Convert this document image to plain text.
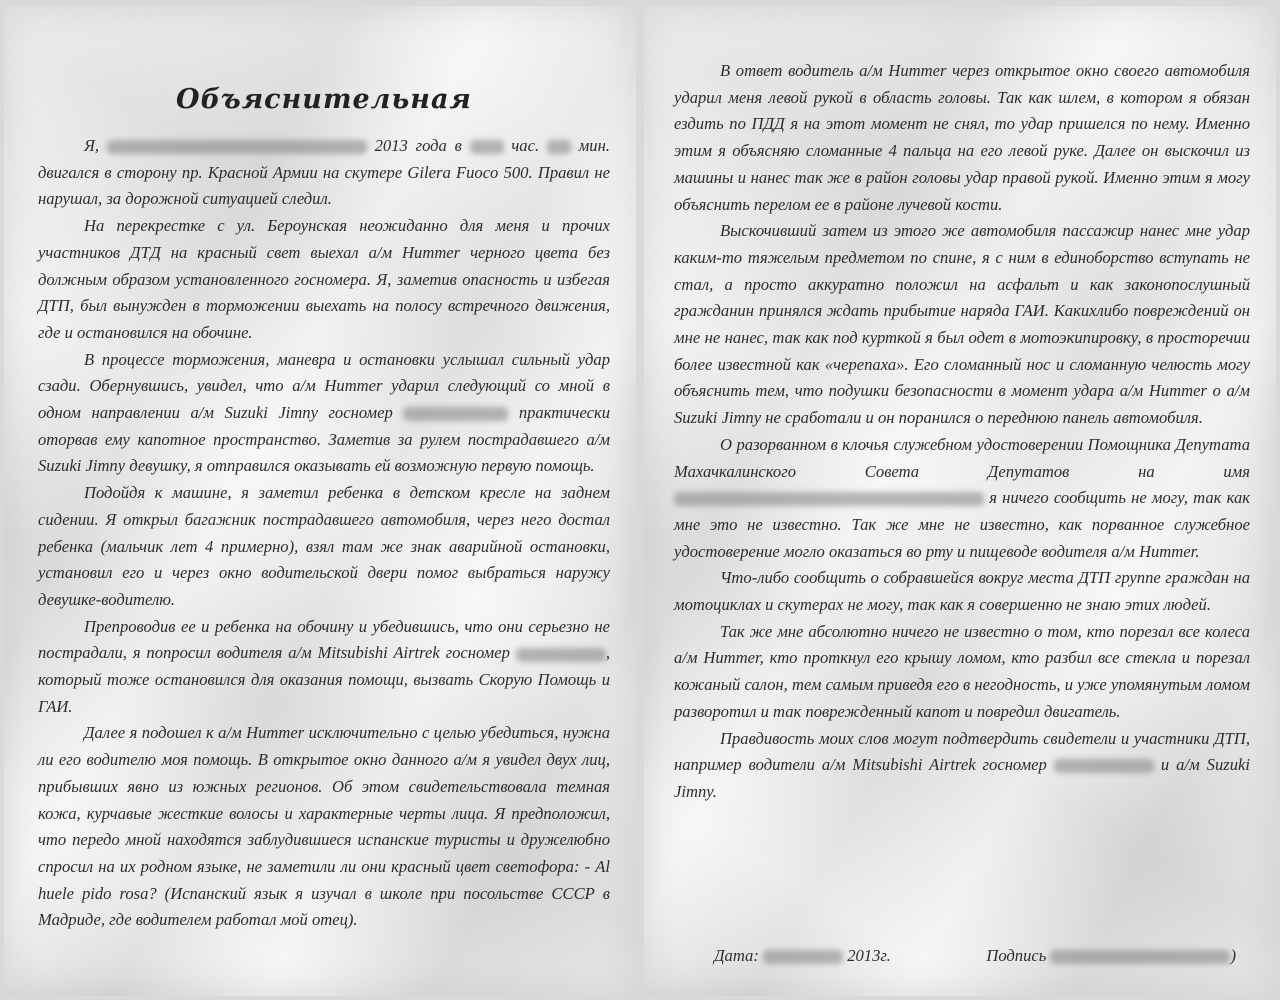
Объяснительная

Я,	2013 года в	час. мин. двигался в сторону пр. Красной Армии на скутере Gilera Fuoco 500. Правил не нарушал, за дорожной ситуацией следил.

На перекрестке с ул. Бероунская неожиданно для меня и прочих участников ДТД на красный свет выехал а/м Hummer черного цвета без должным образом установленного госномера. Я, заметив опасность и избегая ДТП, был вынужден в торможении выехать на полосу встречного движения, где и остановился на обочине.

В процессе торможения, маневра и остановки услышал сильный удар сзади. Обернувшись, увидел, что а/м Hummer ударил следующий со мной в одном направлении а/м Suzuki Jimny госномер	практически оторвав ему капотное пространство. Заметив за рулем пострадавшего а/м Suzuki Jimny девушку, я отправился оказывать ей возможную первую помощь.

Подойдя к машине, я заметил ребенка в детском кресле на заднем сидении. Я открыл багажник пострадавшего автомобиля, через него достал ребенка (мальчик лет 4 примерно), взял там же знак аварийной остановки, установил его и через окно водительской двери помог выбраться наружу девушке-водителю.

Препроводив ее и ребенка на обочину и убедившись, что они серьезно не пострадали, я попросил водителя а/м Mitsubishi Airtrek госномер	, который тоже остановился для оказания помощи, вызвать Скорую Помощь и ГАИ.

Далее я подошел к а/м Hummer исключительно с целью убедиться, нужна ли его водителю моя помощь. В открытое окно данного а/м я увидел двух лиц, прибывших явно из южных регионов. Об этом свидетельствовала темная кожа, курчавые жесткие волосы и характерные черты лица. Я предположил, что передо мной находятся заблудившиеся испанские туристы и дружелюбно спросил на их родном языке, не заметили ли они красный цвет светофора: - Al huele pido rosa? (Испанский язык я изучал в школе при посольстве СССР в Мадриде, где водителем работал мой отец).

В ответ водитель а/м Hummer через открытое окно своего автомобиля ударил меня левой рукой в область головы. Так как шлем, в котором я обязан ездить по ПДД я на этот момент не снял, то удар пришелся по нему. Именно этим я объясняю сломанные 4 пальца на его левой руке. Далее он выскочил из машины и нанес так же в район головы удар правой рукой. Именно этим я могу объяснить перелом ее в районе лучевой кости.

Выскочивший затем из этого же автомобиля пассажир нанес мне удар каким-то тяжелым предметом по спине, я с ним в единоборство вступать не стал, а просто аккуратно положил на асфальт и как законопослушный гражданин принялся ждать прибытие наряда ГАИ. Какихлибо повреждений он мне не нанес, так как под курткой я был одет в мотоэкипировку, в просторечии более известной как «черепаха». Его сломанный нос и сломанную челюсть могу объяснить тем, что подушки безопасности в момент удара а/м Hummer о а/м Suzuki Jimny не сработали и он поранился о переднюю панель автомобиля.

О разорванном в клочья служебном удостоверении Помощника Депутата Махачкалинского Совета Депутатов на имя  я ничего сообщить не могу, так как мне это не известно. Так же мне не известно, как порванное служебное удостоверение могло оказаться во рту и пищеводе водителя а/м Hummer.

Что-либо сообщить о собравшейся вокруг места ДТП группе граждан на мотоциклах и скутерах не могу, так как я совершенно не знаю этих людей.

Так же мне абсолютно ничего не известно о том, кто порезал все колеса а/м Hummer, кто проткнул его крышу ломом, кто разбил все стекла и порезал кожаный салон, тем самым приведя его в негодность, и уже упомянутым ломом разворотил и так поврежденный капот и повредил двигатель.

Правдивость моих слов могут подтвердить свидетели и участники ДТП, например водители а/м Mitsubishi Airtrek госномер	и а/м Suzuki Jimny.

Дата:	2013г.	Подпись	)
